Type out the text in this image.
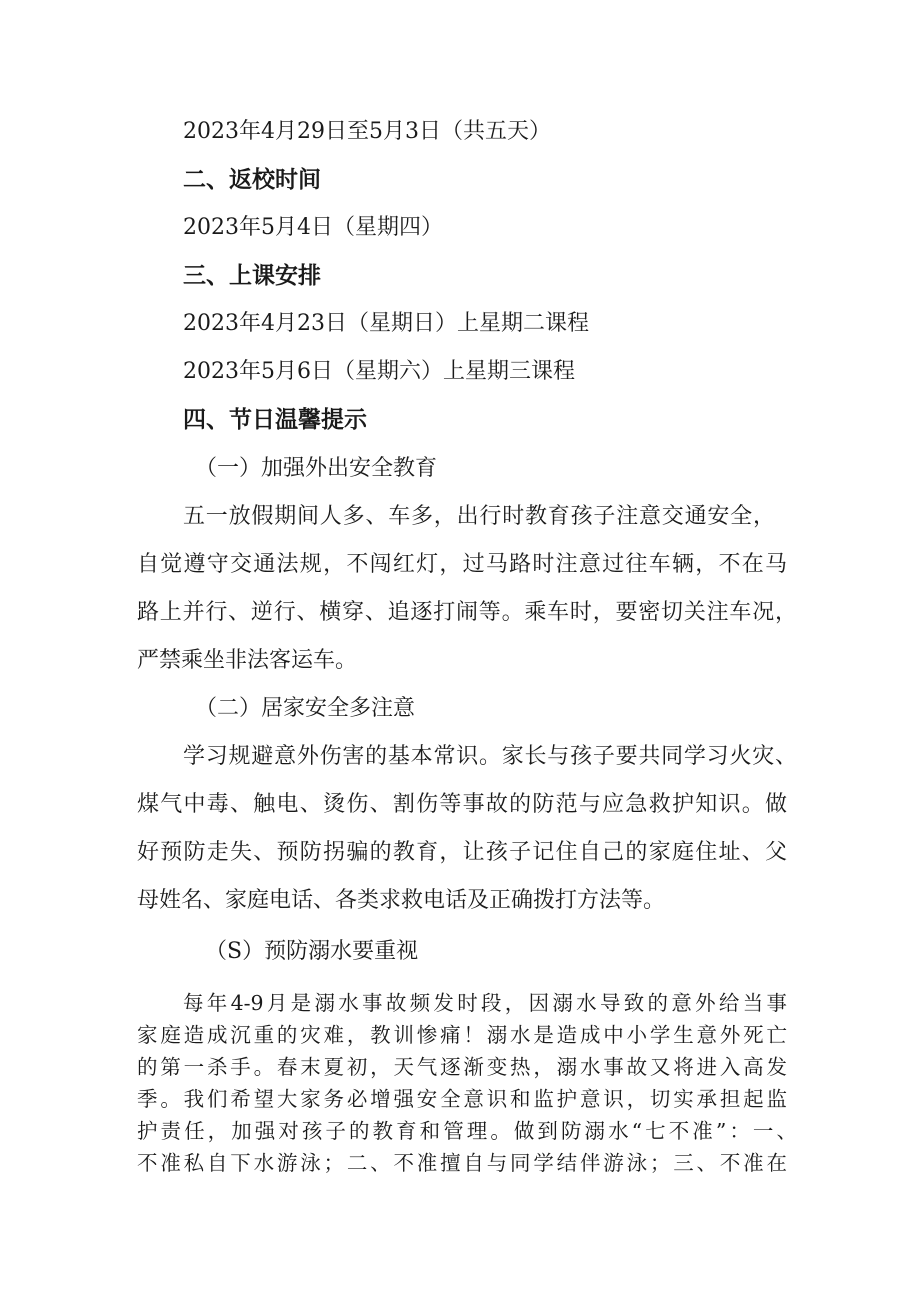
2023年4月29日至5月3日（共五天）
二、返校时间
2023年5月4日（星期四）
三、上课安排
2023年4月23日（星期日）上星期二课程
2023年5月6日（星期六）上星期三课程
四、节日温馨提示
（一）加强外出安全教育
五一放假期间人多、车多，出行时教育孩子注意交通安全，
自觉遵守交通法规，不闯红灯，过马路时注意过往车辆，不在马
路上并行、逆行、横穿、追逐打闹等。乘车时，要密切关注车况，
严禁乘坐非法客运车。
（二）居家安全多注意
学习规避意外伤害的基本常识。家长与孩子要共同学习火灾、
煤气中毒、触电、烫伤、割伤等事故的防范与应急救护知识。做
好预防走失、预防拐骗的教育，让孩子记住自己的家庭住址、父
母姓名、家庭电话、各类求救电话及正确拨打方法等。
（S）预防溺水要重视
每年4-9月是溺水事故频发时段，因溺水导致的意外给当事
家庭造成沉重的灾难，教训惨痛！溺水是造成中小学生意外死亡
的第一杀手。春末夏初，天气逐渐变热，溺水事故又将进入高发
季。我们希望大家务必增强安全意识和监护意识，切实承担起监
护责任，加强对孩子的教育和管理。做到防溺水“七不准”：一、
不准私自下水游泳；二、不准擅自与同学结伴游泳；三、不准在
